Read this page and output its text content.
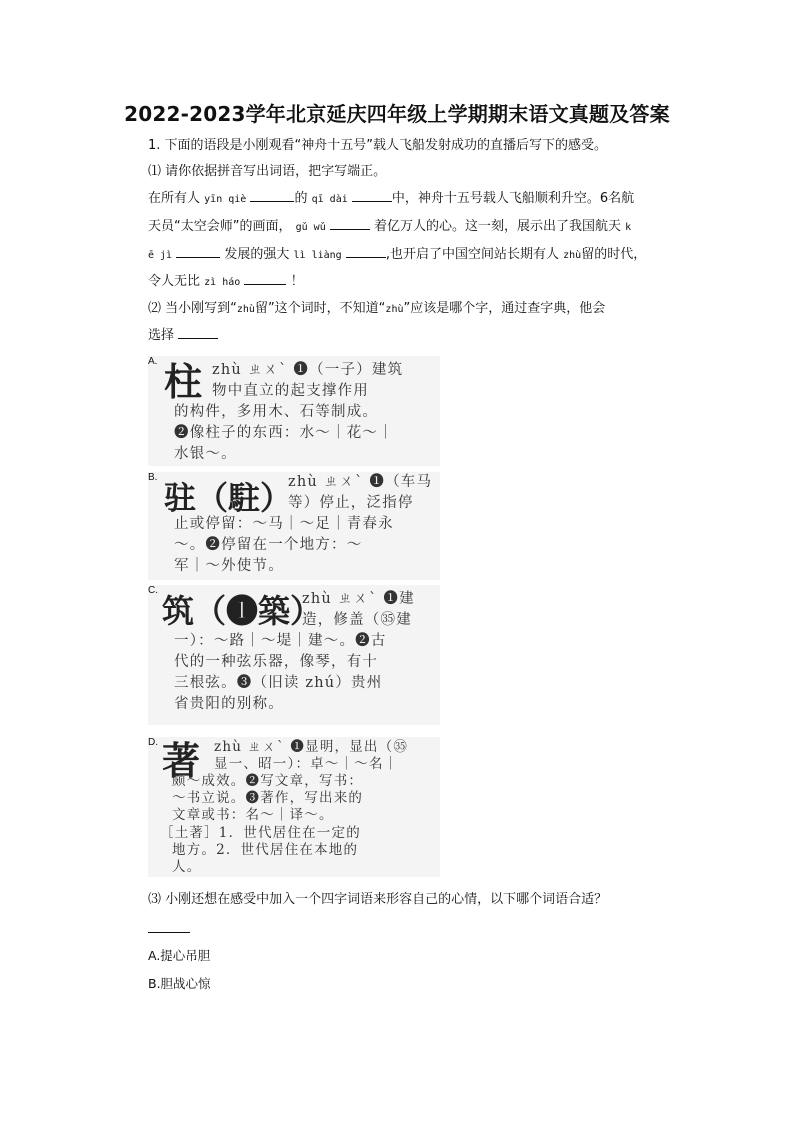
2022-2023学年北京延庆四年级上学期期末语文真题及答案
1. 下面的语段是小刚观看“神舟十五号”载人飞船发射成功的直播后写下的感受。
⑴ 请你依据拼音写出词语，把字写端正。
在所有人 yīn qiè	的 qī dài	中，神舟十五号载人飞船顺利升空。6名航
天员“太空会师”的画面， gǔ wǔ	着亿万人的心。这一刻，展示出了我国航天 k
ē jì	发展的强大 lì liàng	,也开启了中国空间站长期有人 zhù留的时代，
令人无比 zì háo	！
⑵ 当小刚写到“zhù留”这个词时，不知道“zhù”应该是哪个字，通过查字典，他会
选择
A. 柱 zhù ㄓㄨˋ ❶（一子）建筑
物中直立的起支撑作用
的构件，多用木、石等制成。
❷像柱子的东西：水～｜花～｜
水银～。
B.
驻（駐）
zhù ㄓㄨˋ ❶（车马
等）停止，泛指停
止或停留：～马｜～足｜青春永
～。❷停留在一个地方：～
军｜～外使节。
C.
筑（❶築）
zhù ㄓㄨˋ ❶建
造，修盖（㉟建
一）：～路｜～堤｜建～。❷古
代的一种弦乐器，像琴，有十
三根弦。❸（旧读 zhú）贵州
省贵阳的别称。
D. 著 zhù ㄓㄨˋ ❶显明，显出（㉟
显一、昭一）：卓～｜～名｜
颇～成效。❷写文章，写书：
～书立说。❸著作，写出来的
文章或书：名～｜译～。
［土著］1．世代居住在一定的
地方。2．世代居住在本地的
人。
⑶ 小刚还想在感受中加入一个四字词语来形容自己的心情，以下哪个词语合适？
A.提心吊胆
B.胆战心惊
